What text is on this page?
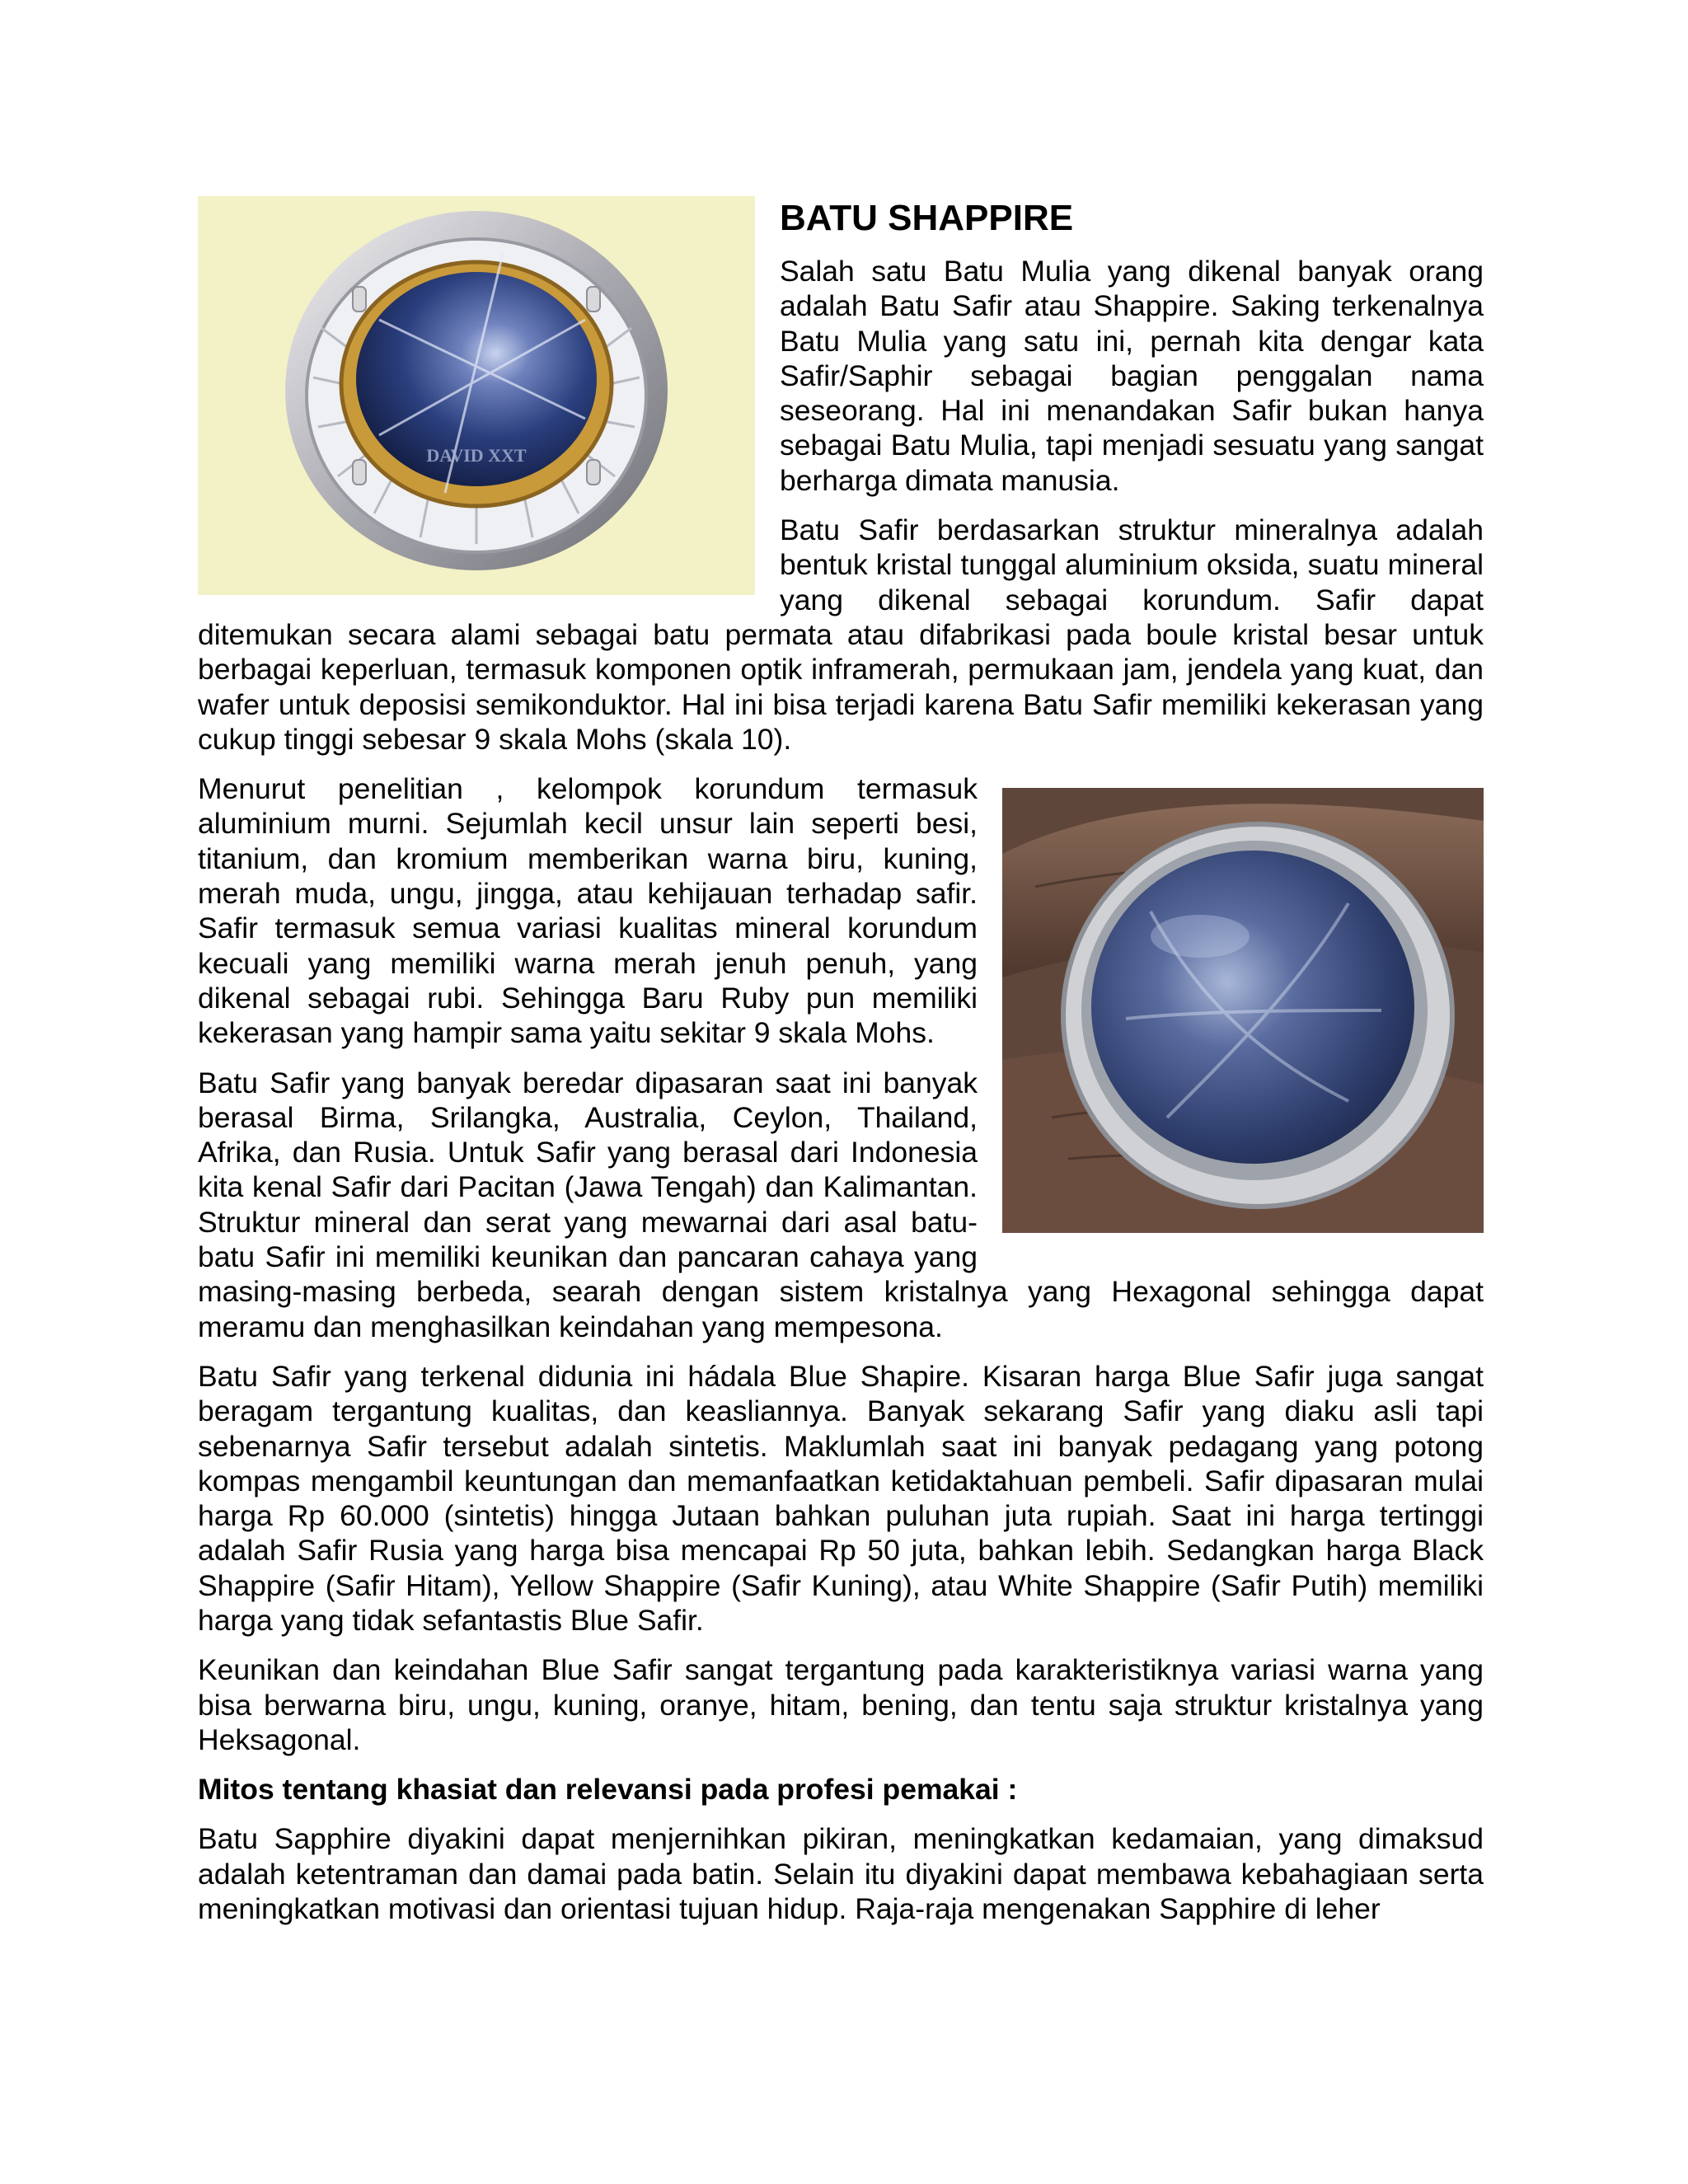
DAVID XXT
BATU SHAPPIRE

Salah satu Batu Mulia yang dikenal banyak orang adalah Batu Safir atau Shappire. Saking terkenalnya Batu Mulia yang satu ini, pernah kita dengar kata Safir/Saphir sebagai bagian penggalan nama seseorang. Hal ini menandakan Safir bukan hanya sebagai Batu Mulia, tapi menjadi sesuatu yang sangat berharga dimata manusia.

Batu Safir berdasarkan struktur mineralnya adalah bentuk kristal tunggal aluminium oksida, suatu mineral yang dikenal sebagai korundum. Safir dapat ditemukan secara alami sebagai batu permata atau difabrikasi pada boule kristal besar untuk berbagai keperluan, termasuk komponen optik inframerah, permukaan jam, jendela yang kuat, dan wafer untuk deposisi semikonduktor. Hal ini bisa terjadi karena Batu Safir memiliki kekerasan yang cukup tinggi sebesar 9 skala Mohs (skala 10).

Menurut penelitian , kelompok korundum termasuk aluminium murni. Sejumlah kecil unsur lain seperti besi, titanium, dan kromium memberikan warna biru, kuning, merah muda, ungu, jingga, atau kehijauan terhadap safir. Safir termasuk semua variasi kualitas mineral korundum kecuali yang memiliki warna merah jenuh penuh, yang dikenal sebagai rubi. Sehingga Baru Ruby pun memiliki kekerasan yang hampir sama yaitu sekitar 9 skala Mohs.

Batu Safir yang banyak beredar dipasaran saat ini banyak berasal Birma, Srilangka, Australia, Ceylon, Thailand, Afrika, dan Rusia. Untuk Safir yang berasal dari Indonesia kita kenal Safir dari Pacitan (Jawa Tengah) dan Kalimantan. Struktur mineral dan serat yang mewarnai dari asal batu-batu Safir ini memiliki keunikan dan pancaran cahaya yang masing-masing berbeda, searah dengan sistem kristalnya yang Hexagonal sehingga dapat meramu dan menghasilkan keindahan yang mempesona.

Batu Safir yang terkenal didunia ini hádala Blue Shapire. Kisaran harga Blue Safir juga sangat beragam tergantung kualitas, dan keasliannya. Banyak sekarang Safir yang diaku asli tapi sebenarnya Safir tersebut adalah sintetis. Maklumlah saat ini banyak pedagang yang potong kompas mengambil keuntungan dan memanfaatkan ketidaktahuan pembeli. Safir dipasaran mulai harga Rp 60.000 (sintetis) hingga Jutaan bahkan puluhan juta rupiah. Saat ini harga tertinggi adalah Safir Rusia yang harga bisa mencapai Rp 50 juta, bahkan lebih. Sedangkan harga Black Shappire (Safir Hitam), Yellow Shappire (Safir Kuning), atau White Shappire (Safir Putih) memiliki harga yang tidak sefantastis Blue Safir.

Keunikan dan keindahan Blue Safir sangat tergantung pada karakteristiknya variasi warna yang bisa berwarna biru, ungu, kuning, oranye, hitam, bening, dan tentu saja struktur kristalnya yang Heksagonal.

Mitos tentang khasiat dan relevansi pada profesi pemakai :

Batu Sapphire diyakini dapat menjernihkan pikiran, meningkatkan kedamaian, yang dimaksud adalah ketentraman dan damai pada batin. Selain itu diyakini dapat membawa kebahagiaan serta meningkatkan motivasi dan orientasi tujuan hidup. Raja-raja mengenakan Sapphire di leher
